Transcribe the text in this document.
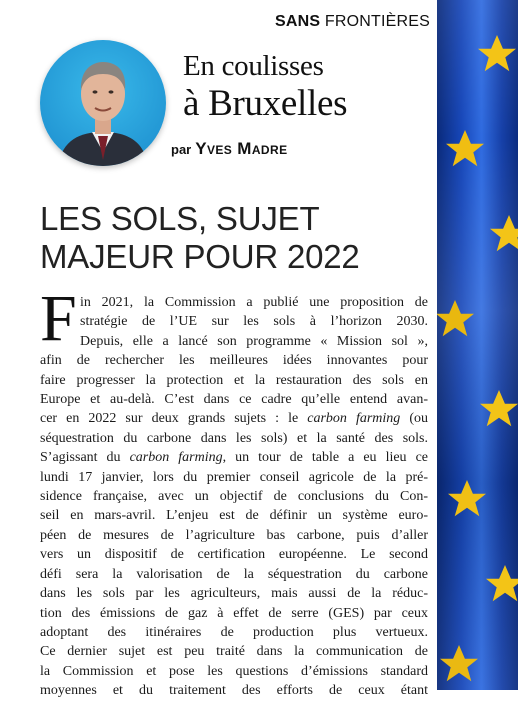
SANS FRONTIÈRES
En coulisses
à Bruxelles
par Yves Madre
LES SOLS, SUJET
MAJEUR POUR 2022
F in 2021, la Commission a publié une proposition de
stratégie de l’UE sur les sols à l’horizon 2030.
Depuis, elle a lancé son programme « Mission sol »,
afin de rechercher les meilleures idées innovantes pour
faire progresser la protection et la restauration des sols en
Europe et au-delà. C’est dans ce cadre qu’elle entend avan-
cer en 2022 sur deux grands sujets : le carbon farming (ou
séquestration du carbone dans les sols) et la santé des sols.
S’agissant du carbon farming, un tour de table a eu lieu ce
lundi 17 janvier, lors du premier conseil agricole de la pré-
sidence française, avec un objectif de conclusions du Con-
seil en mars-avril. L’enjeu est de définir un système euro-
péen de mesures de l’agriculture bas carbone, puis d’aller
vers un dispositif de certification européenne. Le second
défi sera la valorisation de la séquestration du carbone
dans les sols par les agriculteurs, mais aussi de la réduc-
tion des émissions de gaz à effet de serre (GES) par ceux
adoptant des itinéraires de production plus vertueux.
Ce dernier sujet est peu traité dans la communication de
la Commission et pose les questions d’émissions standard
moyennes et du traitement des efforts de ceux étant
